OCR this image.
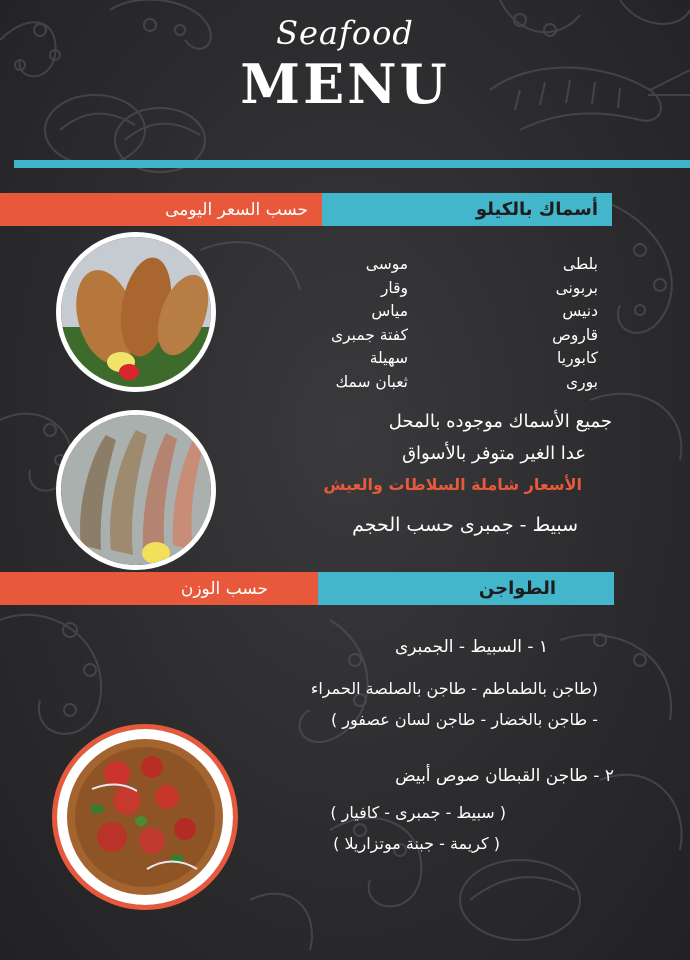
Seafood
MENU
حسب السعر اليومى	أسماك بالكيلو
بلطى
بربونى
دنيس
قاروص
كابوريا
بورى
موسى
وقار
مياس
كفتة جمبرى
سهيلة
ثعبان سمك
جميع الأسماك موجوده بالمحل
عدا الغير متوفر بالأسواق
الأسعار شاملة السلاطات والعيش
سبيط - جمبرى حسب الحجم
حسب الوزن	الطواجن
١ - السبيط - الجمبرى
(طاجن بالطماطم - طاجن بالصلصة الحمراء
- طاجن بالخضار - طاجن لسان عصفور )
٢ - طاجن القبطان صوص أبيض
( سبيط - جمبرى - كافيار )
( كريمة - جبنة موتزاريلا )
